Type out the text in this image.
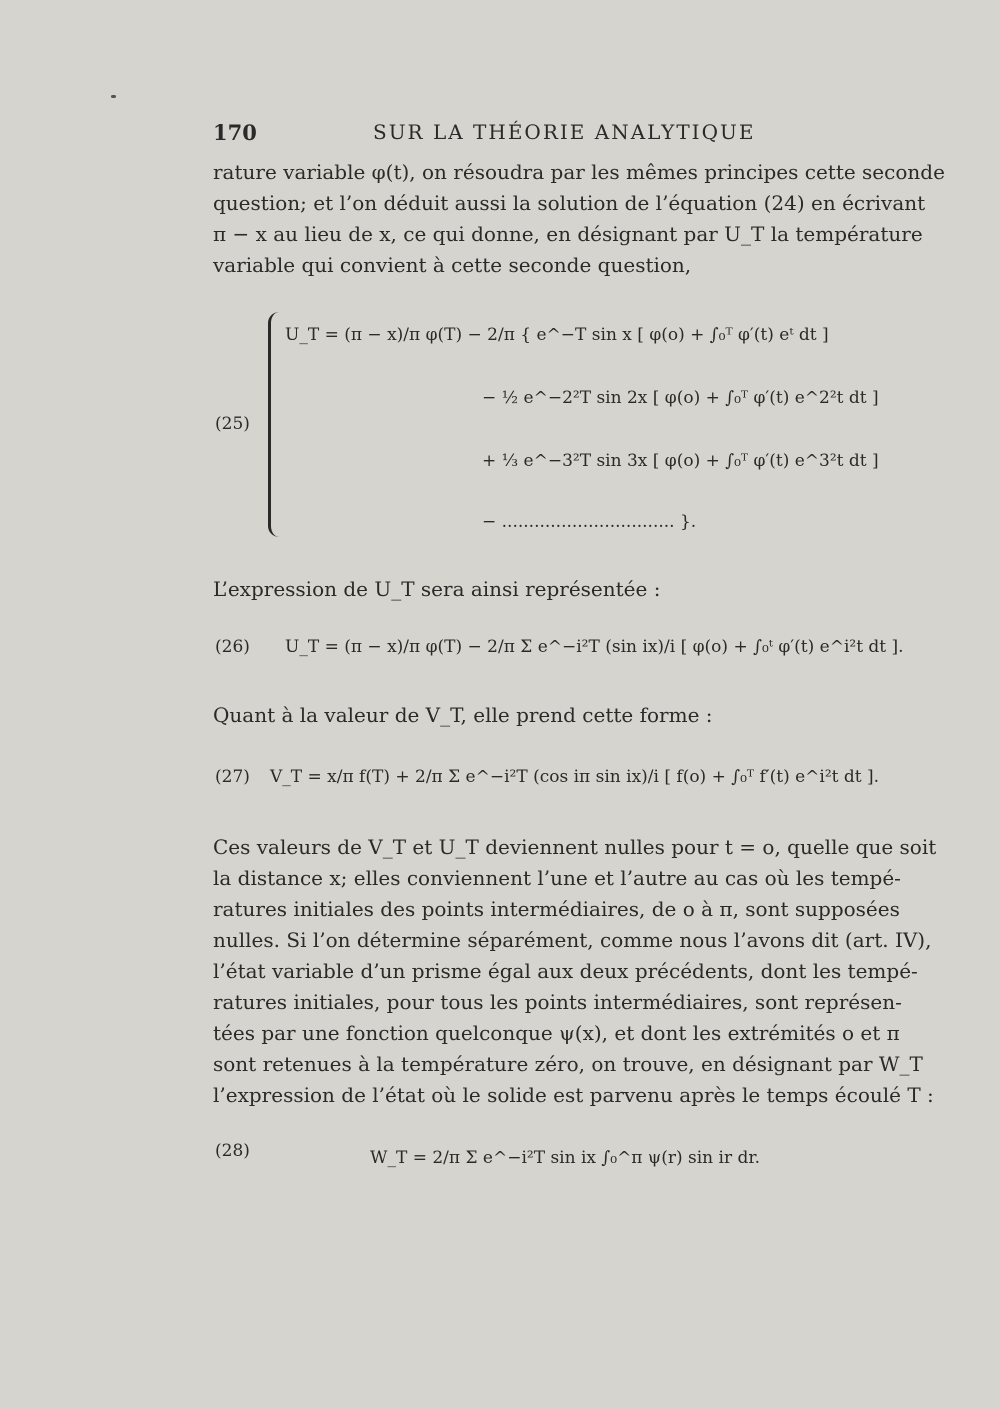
170	SUR LA THÉORIE ANALYTIQUE
rature variable φ(t), on résoudra par les mêmes principes cette seconde
question; et l’on déduit aussi la solution de l’équation (24) en écrivant
π − x au lieu de x, ce qui donne, en désignant par U_T la température
variable qui convient à cette seconde question,
(25)
U_T = (π − x)/π φ(T) − 2/π { e^−T sin x [ φ(o) + ∫₀ᵀ φ′(t) eᵗ dt ]
− ½ e^−2²T sin 2x [ φ(o) + ∫₀ᵀ φ′(t) e^2²t dt ]
+ ⅓ e^−3²T sin 3x [ φ(o) + ∫₀ᵀ φ′(t) e^3²t dt ]
− ................................ }.
L’expression de U_T sera ainsi représentée :
(26) U_T = (π − x)/π φ(T) − 2/π Σ e^−i²T (sin ix)/i [ φ(o) + ∫₀ᵗ φ′(t) e^i²t dt ].
Quant à la valeur de V_T, elle prend cette forme :
(27) V_T = x/π f(T) + 2/π Σ e^−i²T (cos iπ sin ix)/i [ f(o) + ∫₀ᵀ f′(t) e^i²t dt ].
Ces valeurs de V_T et U_T deviennent nulles pour t = o, quelle que soit
la distance x; elles conviennent l’une et l’autre au cas où les tempé-
ratures initiales des points intermédiaires, de o à π, sont supposées
nulles. Si l’on détermine séparément, comme nous l’avons dit (art. IV),
l’état variable d’un prisme égal aux deux précédents, dont les tempé-
ratures initiales, pour tous les points intermédiaires, sont représen-
tées par une fonction quelconque ψ(x), et dont les extrémités o et π
sont retenues à la température zéro, on trouve, en désignant par W_T
l’expression de l’état où le solide est parvenu après le temps écoulé T :
(28)	W_T = 2/π Σ e^−i²T sin ix ∫₀^π ψ(r) sin ir dr.
